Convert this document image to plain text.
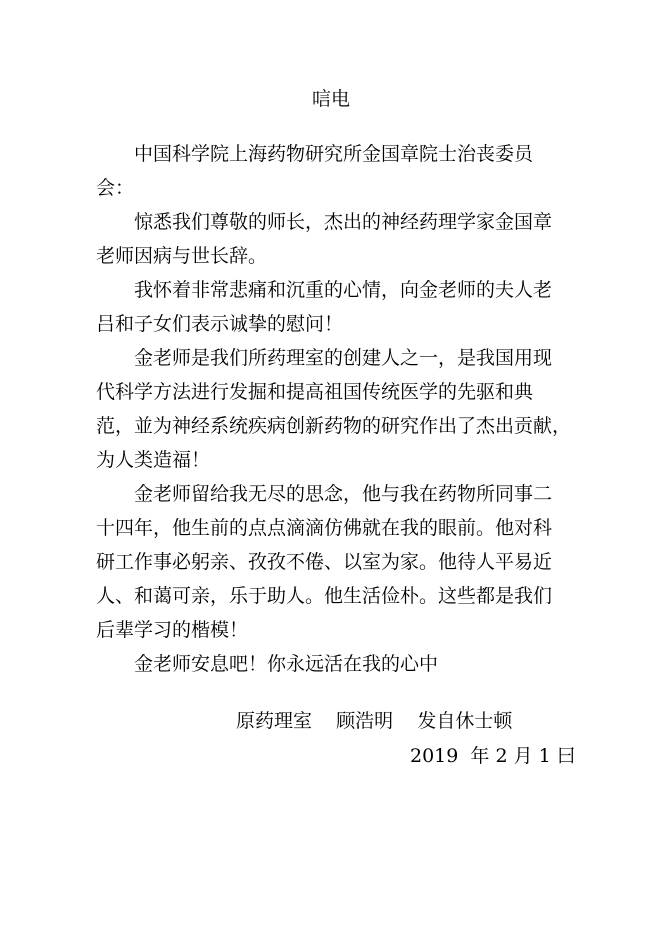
唁电

中国科学院上海药物研究所金国章院士治丧委员
会：

惊悉我们尊敬的师长，杰出的神经药理学家金国章
老师因病与世长辞。

我怀着非常悲痛和沉重的心情，向金老师的夫人老
吕和子女们表示诚挚的慰问！

金老师是我们所药理室的创建人之一，是我国用现
代科学方法进行发掘和提高祖国传统医学的先驱和典
范，並为神经系统疾病创新药物的研究作出了杰出贡献，
为人类造福！

金老师留给我无尽的思念，他与我在药物所同事二
十四年，他生前的点点滴滴仿佛就在我的眼前。他对科
研工作事必躬亲、孜孜不倦、以室为家。他待人平易近
人、和蔼可亲，乐于助人。他生活俭朴。这些都是我们
后辈学习的楷模！

金老师安息吧！你永远活在我的心中

原药理室    顾浩明    发自休士顿
2019  年 2 月 1 曰
